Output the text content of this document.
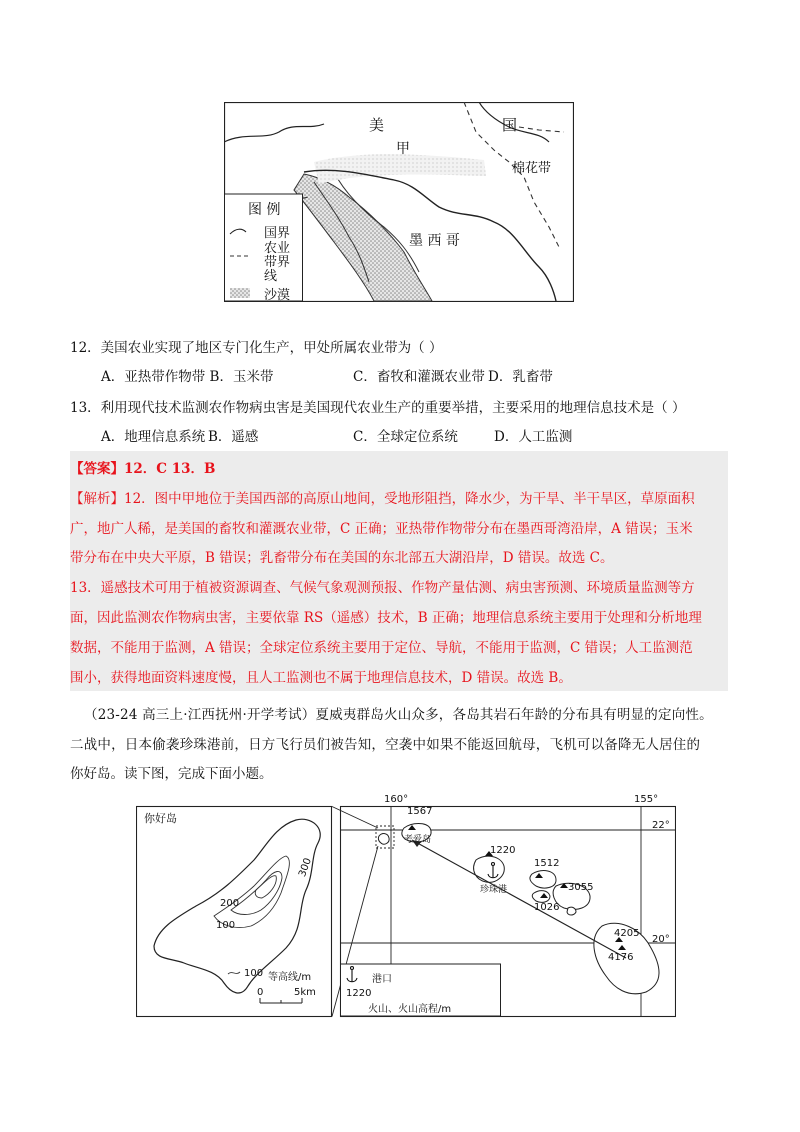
美	国
甲
棉花带
墨 西 哥
图 例
国界
农业带界线
沙漠
12．美国农业实现了地区专门化生产，甲处所属农业带为（ ）
A．亚热带作物带 B．玉米带	C．畜牧和灌溉农业带 D．乳畜带
13．利用现代技术监测农作物病虫害是美国现代农业生产的重要举措，主要采用的地理信息技术是（ ）
A．地理信息系统 B．遥感	C．全球定位系统	D．人工监测
【答案】12．C 13．B
【解析】12．图中甲地位于美国西部的高原山地间，受地形阻挡，降水少，为干旱、半干旱区，草原面积
广，地广人稀，是美国的畜牧和灌溉农业带，C 正确；亚热带作物带分布在墨西哥湾沿岸，A 错误；玉米
带分布在中央大平原，B 错误；乳畜带分布在美国的东北部五大湖沿岸，D 错误。故选 C。
13．遥感技术可用于植被资源调查、气候气象观测预报、作物产量估测、病虫害预测、环境质量监测等方
面，因此监测农作物病虫害，主要依靠 RS（遥感）技术，B 正确；地理信息系统主要用于处理和分析地理
数据，不能用于监测，A 错误；全球定位系统主要用于定位、导航，不能用于监测，C 错误；人工监测范
围小，获得地面资料速度慢，且人工监测也不属于地理信息技术，D 错误。故选 B。
（23-24 高三上·江西抚州·开学考试）夏威夷群岛火山众多，各岛其岩石年龄的分布具有明显的定向性。
二战中，日本偷袭珍珠港前，日方飞行员们被告知，空袭中如果不能返回航母，飞机可以备降无人居住的
你好岛。读下图，完成下面小题。
你好岛
300
200
100
100 等高线/m
0	5km
160°	155°
22°
20°
1567
考爱岛
1220
珍珠港
1512
3055
1026
4205
4176
港口
1220
火山、火山高程/m
